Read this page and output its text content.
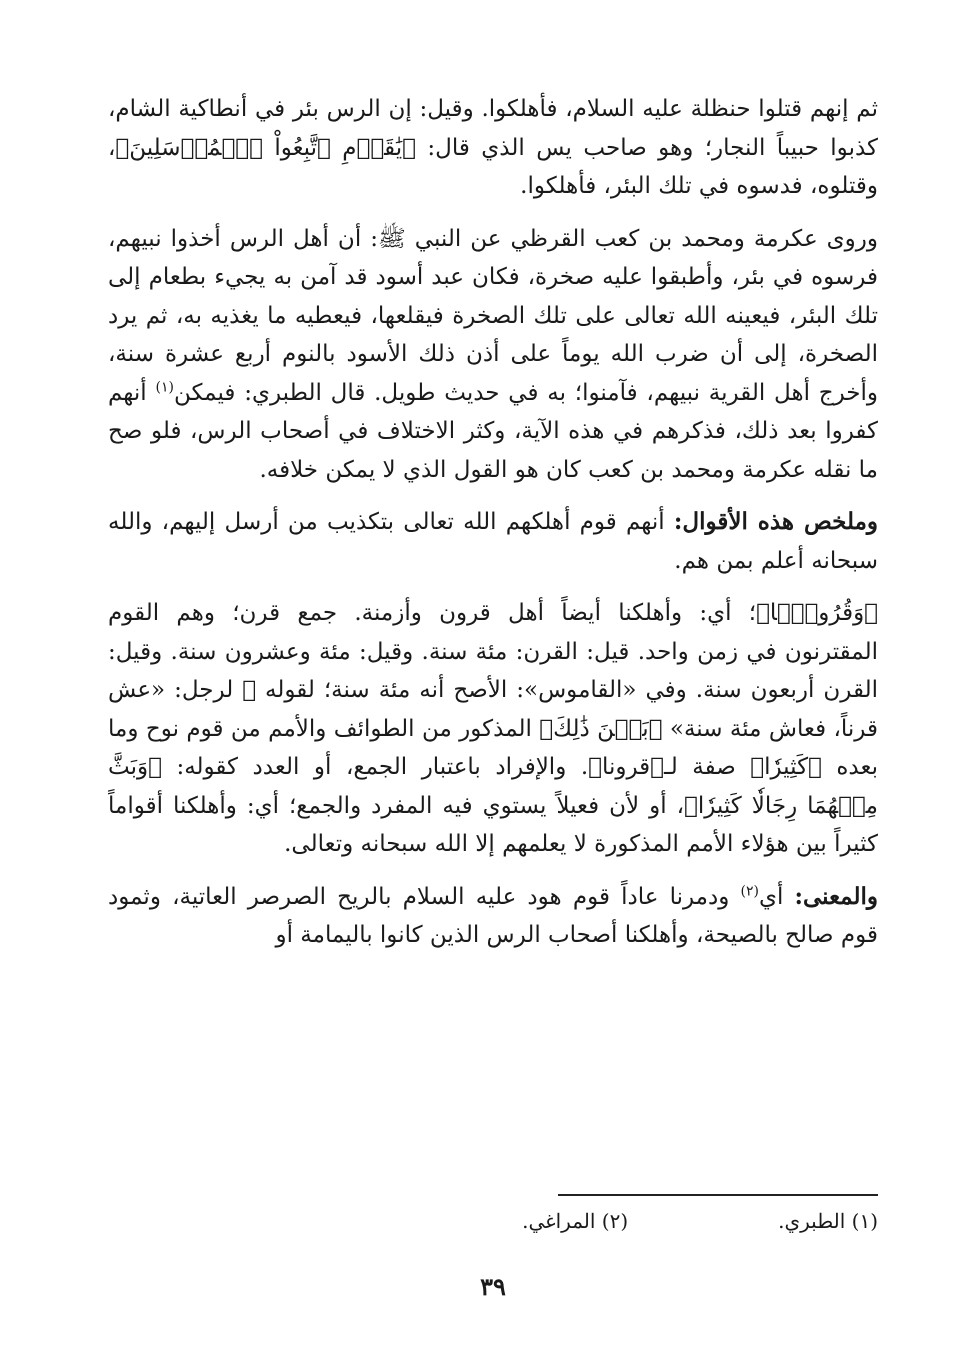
ثم إنهم قتلوا حنظلة عليه السلام، فأهلكوا. وقيل: إن الرس بئر في أنطاكية الشام، كذبوا حبيباً النجار؛ وهو صاحب يس الذي قال: ﴿يَٰقَوۡمِ ٱتَّبِعُواْ ٱلۡمُرۡسَلِينَ﴾، وقتلوه، فدسوه في تلك البئر، فأهلكوا.

وروى عكرمة ومحمد بن كعب القرظي عن النبي ﷺ: أن أهل الرس أخذوا نبيهم، فرسوه في بئر، وأطبقوا عليه صخرة، فكان عبد أسود قد آمن به يجيء بطعام إلى تلك البئر، فيعينه الله تعالى على تلك الصخرة فيقلعها، فيعطيه ما يغذيه به، ثم يرد الصخرة، إلى أن ضرب الله يوماً على أذن ذلك الأسود بالنوم أربع عشرة سنة، وأخرج أهل القرية نبيهم، فآمنوا؛ به في حديث طويل. قال الطبري: فيمكن$^{(١)}$ أنهم كفروا بعد ذلك، فذكرهم في هذه الآية، وكثر الاختلاف في أصحاب الرس، فلو صح ما نقله عكرمة ومحمد بن كعب كان هو القول الذي لا يمكن خلافه.

وملخص هذه الأقوال: أنهم قوم أهلكهم الله تعالى بتكذيب من أرسل إليهم، والله سبحانه أعلم بمن هم.

﴿وَقُرُونَۢا﴾؛ أي: وأهلكنا أيضاً أهل قرون وأزمنة. جمع قرن؛ وهم القوم المقترنون في زمن واحد. قيل: القرن: مئة سنة. وقيل: مئة وعشرون سنة. وقيل: القرن أربعون سنة. وفي «القاموس»: الأصح أنه مئة سنة؛ لقوله ﷺ لرجل: «عش قرناً، فعاش مئة سنة» ﴿بَيۡنَ ذَٰلِكَ﴾ المذكور من الطوائف والأمم من قوم نوح وما بعده ﴿كَثِيرٗا﴾ صفة لـ﴿قرونا﴾. والإفراد باعتبار الجمع، أو العدد كقوله: ﴿وَبَثَّ مِنۡهُمَا رِجَالٗا كَثِيرٗا﴾، أو لأن فعيلاً يستوي فيه المفرد والجمع؛ أي: وأهلكنا أقواماً كثيراً بين هؤلاء الأمم المذكورة لا يعلمهم إلا الله سبحانه وتعالى.

والمعنى: أي$^{(٢)}$ ودمرنا عاداً قوم هود عليه السلام بالريح الصرصر العاتية، وثمود قوم صالح بالصيحة، وأهلكنا أصحاب الرس الذين كانوا باليمامة أو

(١) الطبري.
(٢) المراغي.
٣٩
